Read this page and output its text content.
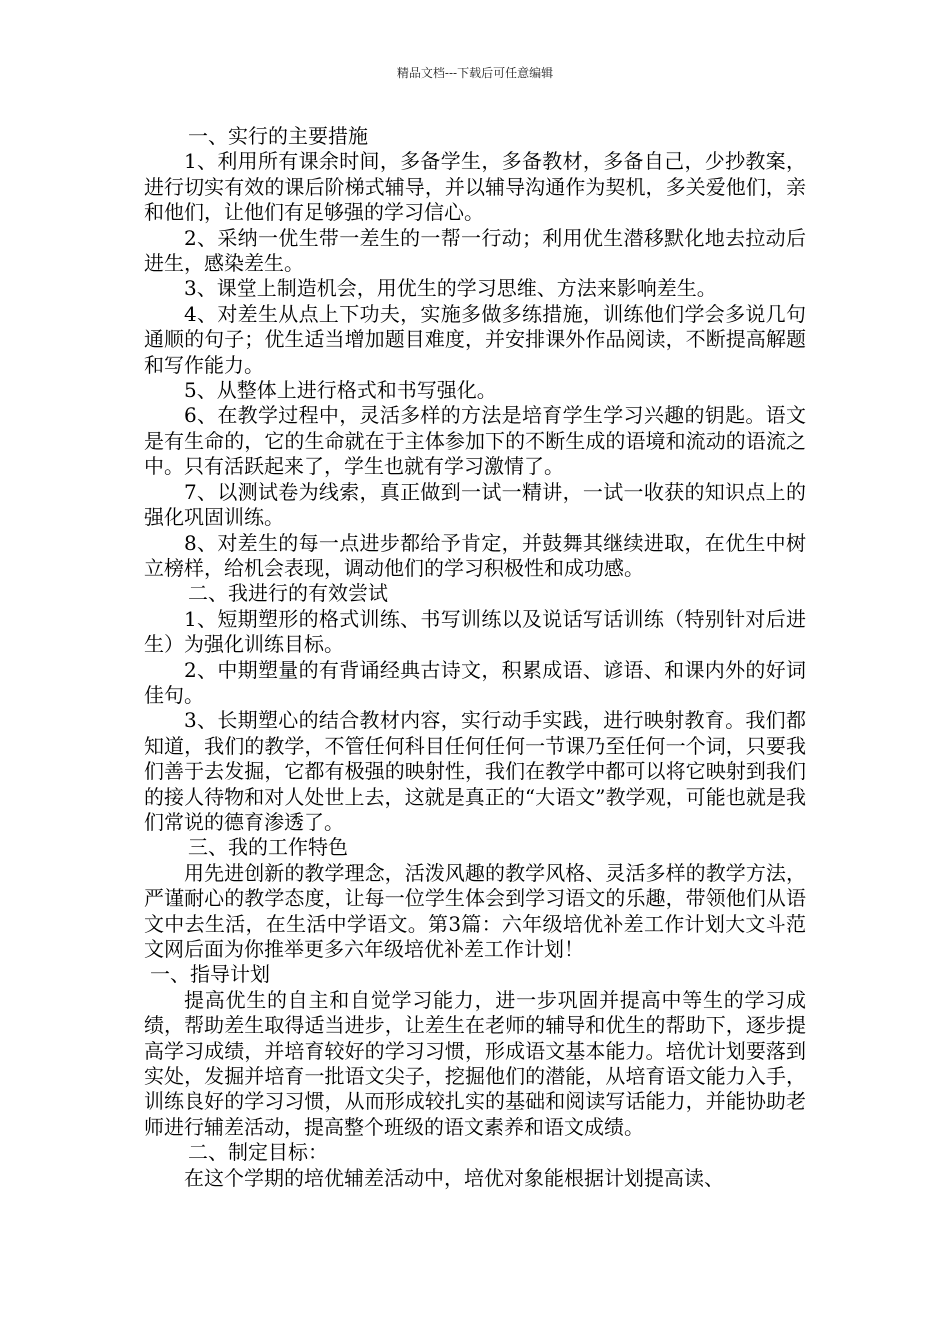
精品文档---下载后可任意编辑

一、实行的主要措施

1、利用所有课余时间，多备学生，多备教材，多备自己，少抄教案，进行切实有效的课后阶梯式辅导，并以辅导沟通作为契机，多关爱他们，亲和他们，让他们有足够强的学习信心。

2、采纳一优生带一差生的一帮一行动；利用优生潜移默化地去拉动后进生，感染差生。

3、课堂上制造机会，用优生的学习思维、方法来影响差生。

4、对差生从点上下功夫，实施多做多练措施，训练他们学会多说几句通顺的句子；优生适当增加题目难度，并安排课外作品阅读，不断提高解题和写作能力。

5、从整体上进行格式和书写强化。

6、在教学过程中，灵活多样的方法是培育学生学习兴趣的钥匙。语文是有生命的，它的生命就在于主体参加下的不断生成的语境和流动的语流之中。只有活跃起来了，学生也就有学习激情了。

7、以测试卷为线索，真正做到一试一精讲，一试一收获的知识点上的强化巩固训练。

8、对差生的每一点进步都给予肯定，并鼓舞其继续进取，在优生中树立榜样，给机会表现，调动他们的学习积极性和成功感。

二、我进行的有效尝试

1、短期塑形的格式训练、书写训练以及说话写话训练（特别针对后进生）为强化训练目标。

2、中期塑量的有背诵经典古诗文，积累成语、谚语、和课内外的好词佳句。

3、长期塑心的结合教材内容，实行动手实践，进行映射教育。我们都知道，我们的教学，不管任何科目任何任何一节课乃至任何一个词，只要我们善于去发掘，它都有极强的映射性，我们在教学中都可以将它映射到我们的接人待物和对人处世上去，这就是真正的“大语文”教学观，可能也就是我们常说的德育渗透了。

三、我的工作特色

用先进创新的教学理念，活泼风趣的教学风格、灵活多样的教学方法，严谨耐心的教学态度，让每一位学生体会到学习语文的乐趣，带领他们从语文中去生活，在生活中学语文。第3篇：六年级培优补差工作计划大文斗范文网后面为你推举更多六年级培优补差工作计划！

一、指导计划

提高优生的自主和自觉学习能力，进一步巩固并提高中等生的学习成绩，帮助差生取得适当进步，让差生在老师的辅导和优生的帮助下，逐步提高学习成绩，并培育较好的学习习惯，形成语文基本能力。培优计划要落到实处，发掘并培育一批语文尖子，挖掘他们的潜能，从培育语文能力入手，训练良好的学习习惯，从而形成较扎实的基础和阅读写话能力，并能协助老师进行辅差活动，提高整个班级的语文素养和语文成绩。

二、制定目标：

在这个学期的培优辅差活动中，培优对象能根据计划提高读、
